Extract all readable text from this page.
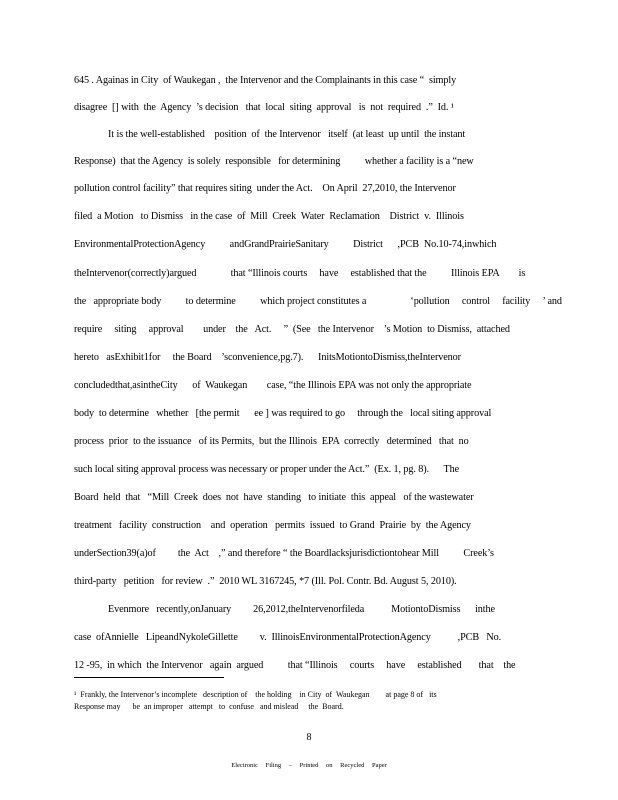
645 . Againas in City  of Waukegan ,  the Intervenor and the Complainants in this case “  simply
disagree  [] with  the  Agency  ’s decision   that  local  siting  approval   is  not  required  .”  Id. ¹
It is the well-established    position  of  the Intervenor   itself  (at least  up until  the instant
Response)  that the Agency  is solely  responsible   for determining          whether a facility is a “new
pollution control facility” that requires siting  under the Act.    On April  27,2010, the Intervenor
filed  a Motion   to Dismiss   in the case  of  Mill  Creek  Water  Reclamation    District  v.  Illinois
EnvironmentalProtectionAgency          andGrandPrairieSanitary          District      ,PCB  No.10-74,inwhich
theIntervenor(correctly)argued              that “Illinois courts     have     established that the          Illinois EPA        is
the   appropriate body          to determine          which project constitutes a                  ‘pollution     control     facility     ’ and
require     siting     approval        under    the   Act.     ”  (See   the Intervenor    ’s Motion  to Dismiss,  attached
hereto   asExhibit1for     the Board    ’sconvenience,pg.7).      InitsMotiontoDismiss,theIntervenor
concludedthat,asintheCity      of  Waukegan        case, “the Illinois EPA was not only the appropriate
body  to determine   whether   [the permit      ee ] was required to go     through the   local siting approval
process  prior  to the issuance   of its Permits,  but the Illinois  EPA  correctly   determined   that  no
such local siting approval process was necessary or proper under the Act.”  (Ex. 1, pg. 8).      The
Board  held  that   “Mill  Creek  does  not  have  standing   to initiate  this  appeal   of the wastewater
treatment   facility  construction    and  operation   permits  issued  to Grand  Prairie  by  the Agency
underSection39(a)of         the  Act    ,” and therefore “ the Boardlacksjurisdictiontohear Mill          Creek’s
third-party   petition   for review  .”  2010 WL 3167245, *7 (Ill. Pol. Contr. Bd. August 5, 2010).
Evenmore   recently,onJanuary         26,2012,theIntervenorfileda           MotiontoDismiss      inthe
case  ofAnnielle   LipeandNykoleGillette         v.  IllinoisEnvironmentalProtectionAgency           ,PCB   No.
12 -95,  in which  the Intervenor   again  argued          that “Illinois     courts     have     established       that    the
¹  Frankly, the Intervenor’s incomplete   description of    the holding    in City  of  Waukegan        at page 8 of   its
Response may      be  an improper   attempt   to  confuse   and mislead     the  Board.
8
Electronic Filing – Printed on Recycled Paper
